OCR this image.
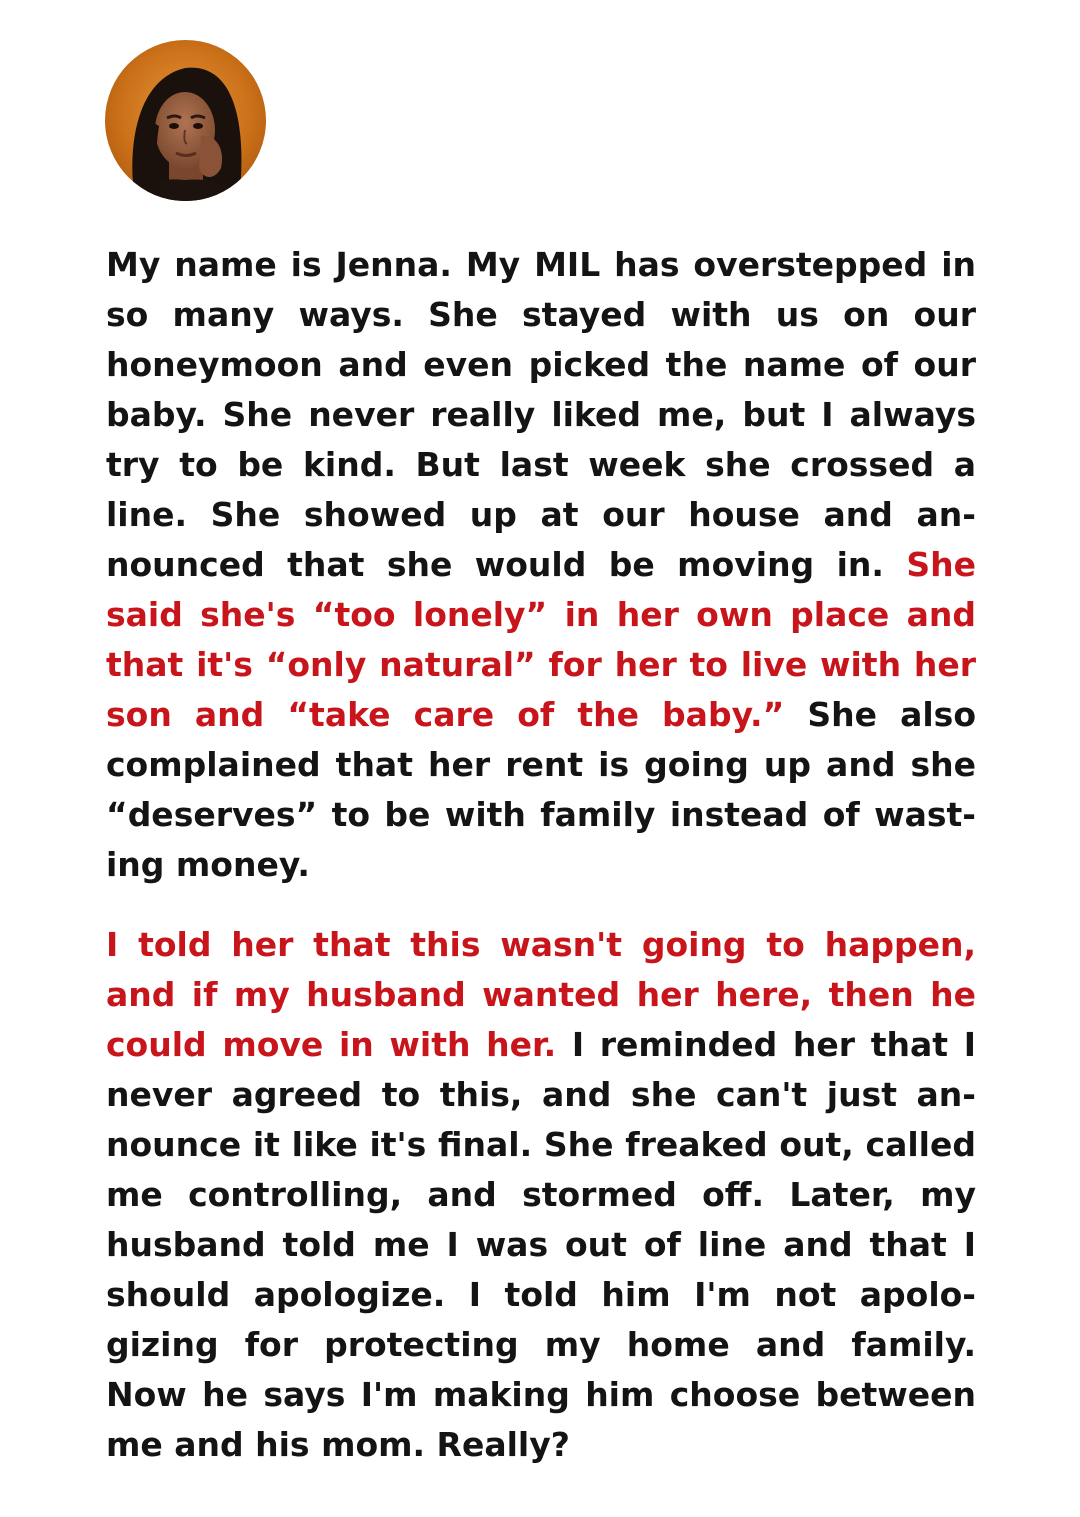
My name is Jenna. My MIL has overstepped in so many ways. She stayed with us on our honeymoon and even picked the name of our baby. She never really liked me, but I always try to be kind. But last week she crossed a line. She showed up at our house and announced that she would be moving in. She said she's “too lonely” in her own place and that it's “only natural” for her to live with her son and “take care of the baby.” She also complained that her rent is going up and she “deserves” to be with family instead of wasting money.

I told her that this wasn't going to happen, and if my husband wanted her here, then he could move in with her. I reminded her that I never agreed to this, and she can't just announce it like it's final. She freaked out, called me controlling, and stormed off. Later, my husband told me I was out of line and that I should apologize. I told him I'm not apologizing for protecting my home and family. Now he says I'm making him choose between me and his mom. Really?
